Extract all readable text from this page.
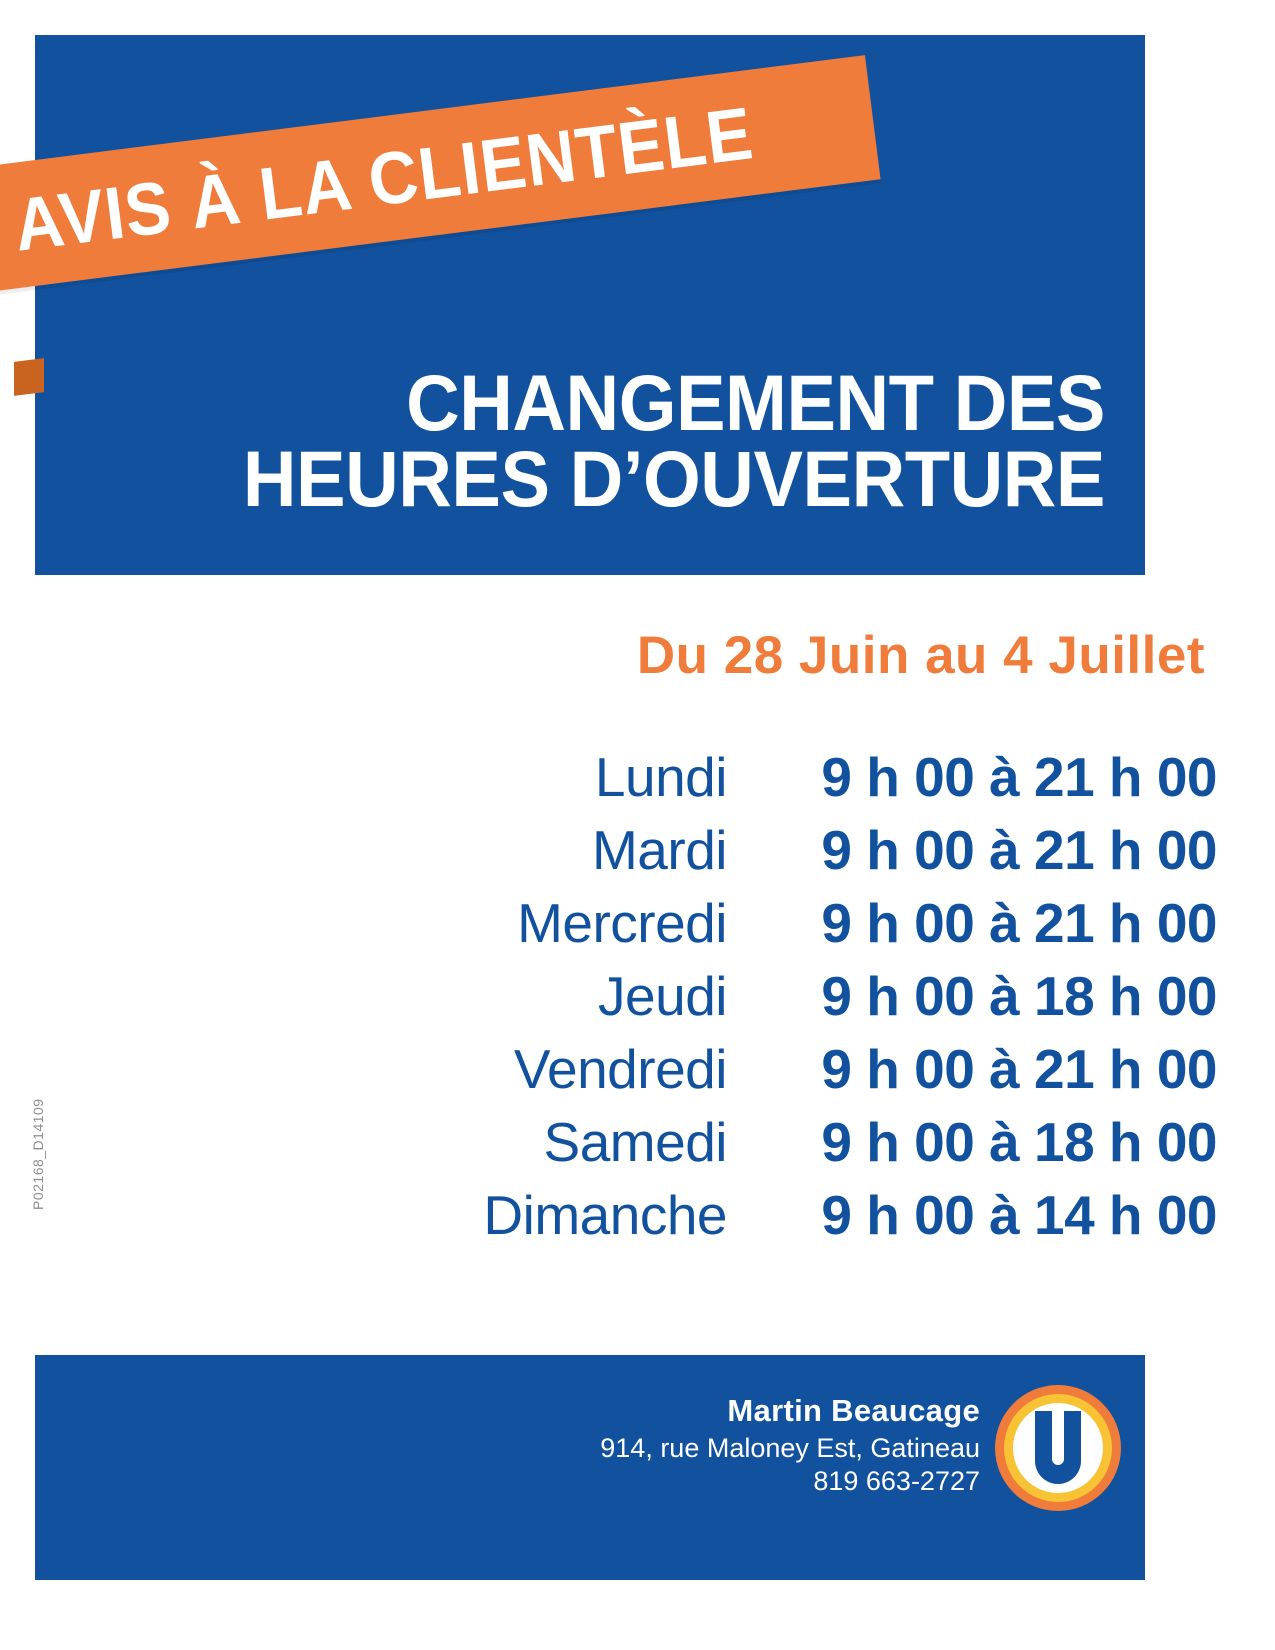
CHANGEMENT DES
HEURES D’OUVERTURE
AVIS À LA CLIENTÈLE
Du 28 Juin au 4 Juillet
Lundi	9 h 00 à 21 h 00
Mardi	9 h 00 à 21 h 00
Mercredi	9 h 00 à 21 h 00
Jeudi	9 h 00 à 18 h 00
Vendredi	9 h 00 à 21 h 00
Samedi	9 h 00 à 18 h 00
Dimanche	9 h 00 à 14 h 00
P02168_D14109
Martin Beaucage
914, rue Maloney Est, Gatineau
819 663-2727
